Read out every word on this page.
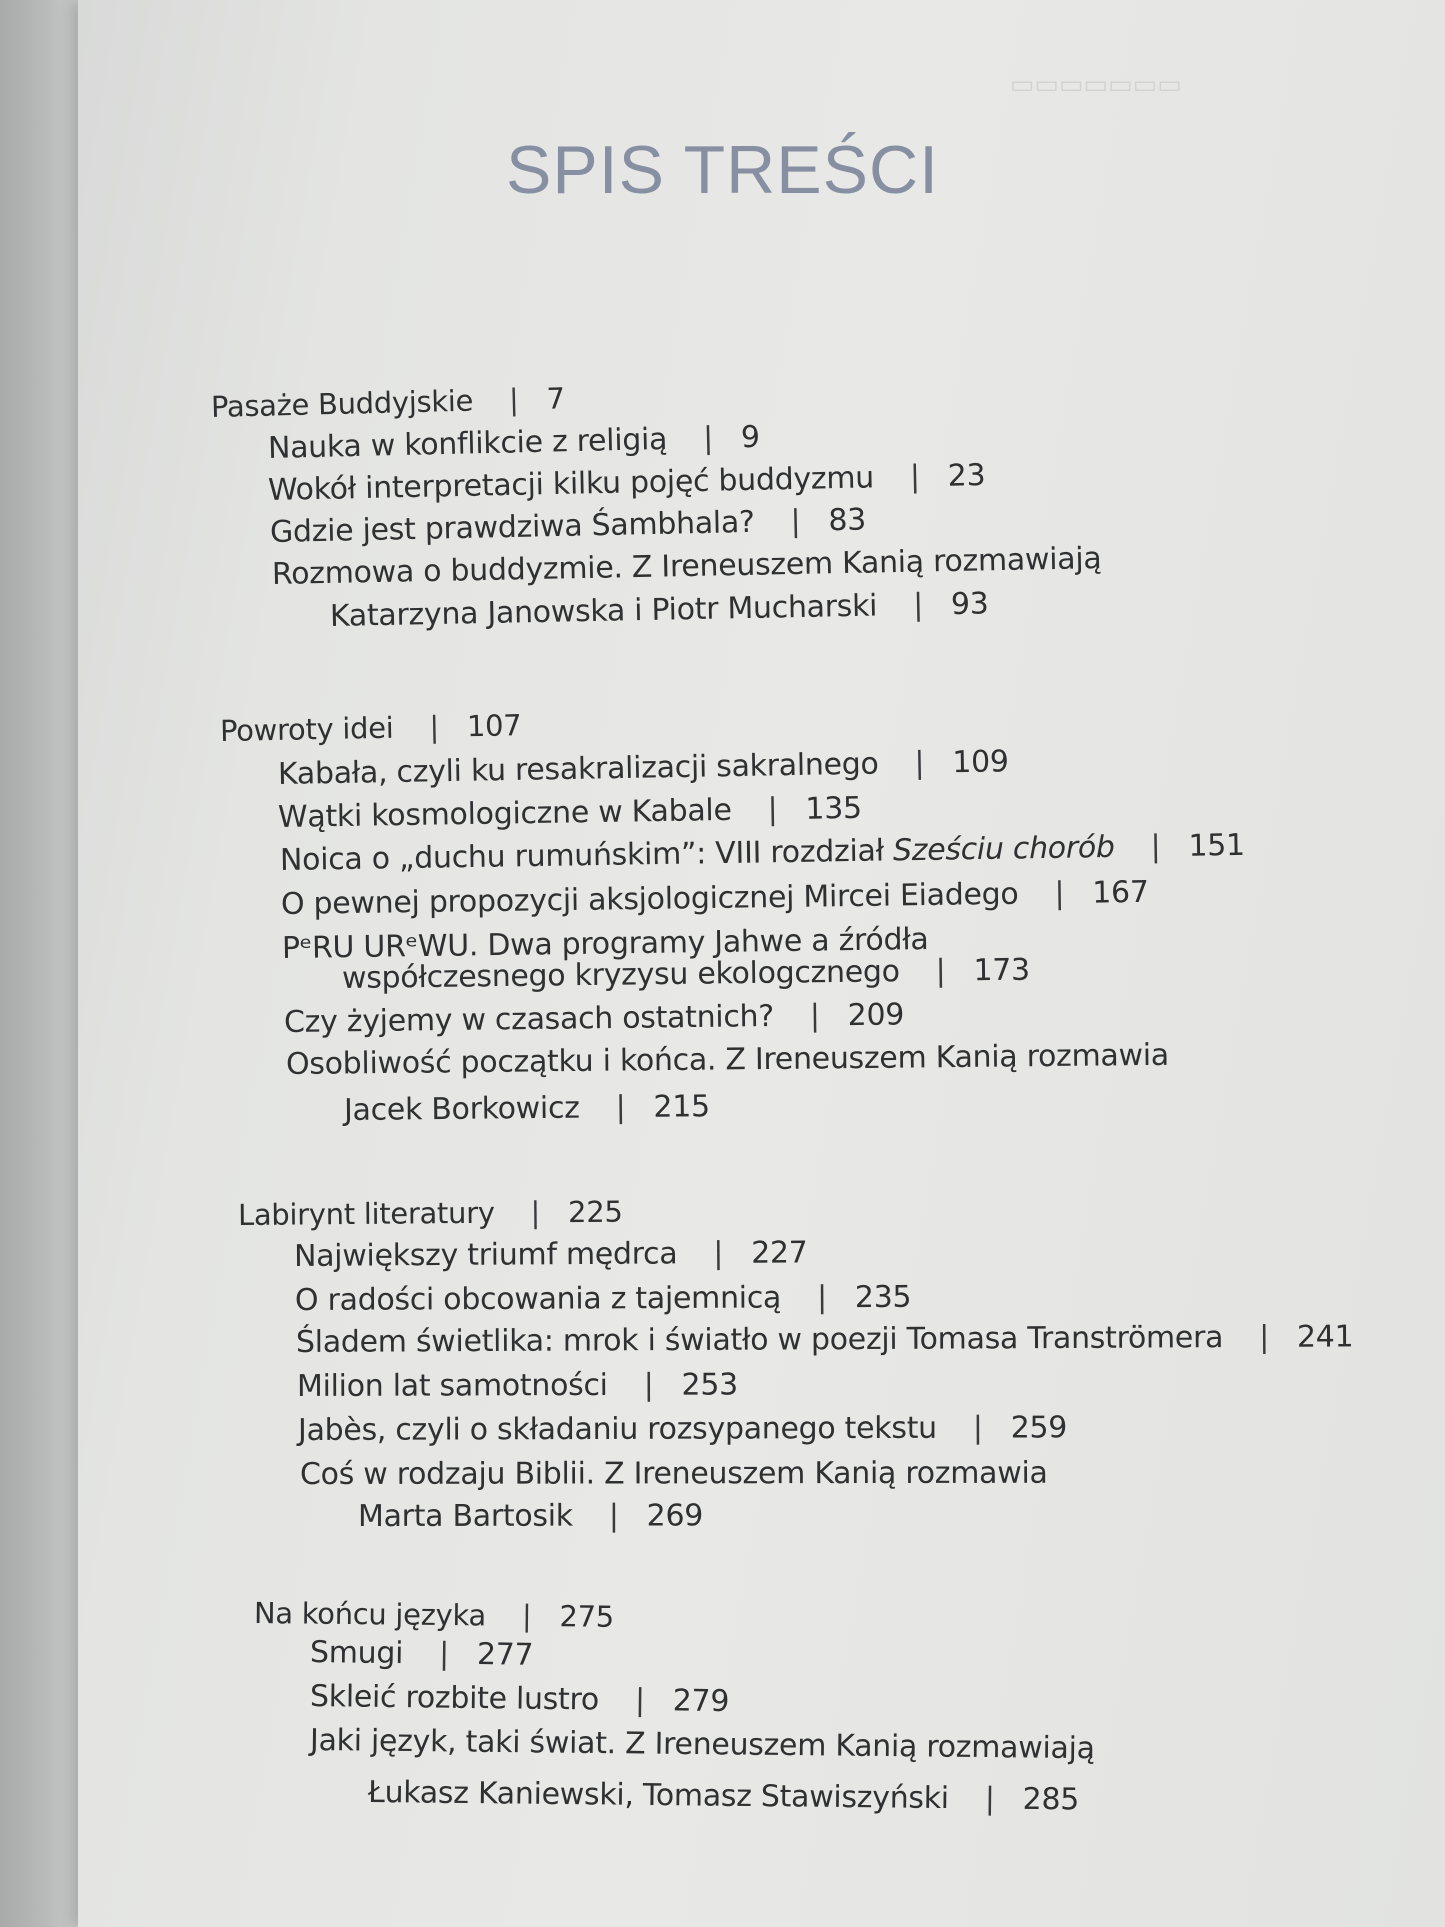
▭▭▭▭▭▭▭
SPIS TREŚCI
Pasaże Buddyjskie | 7
Nauka w konflikcie z religią | 9
Wokół interpretacji kilku pojęć buddyzmu | 23
Gdzie jest prawdziwa Śambhala? | 83
Rozmowa o buddyzmie. Z Ireneuszem Kanią rozmawiają
Katarzyna Janowska i Piotr Mucharski | 93
Powroty idei | 107
Kabała, czyli ku resakralizacji sakralnego | 109
Wątki kosmologiczne w Kabale | 135
Noica o „duchu rumuńskim”: VIII rozdział Sześciu chorób | 151
O pewnej propozycji aksjologicznej Mircei Eiadego | 167
PᵉRU URᵉWU. Dwa programy Jahwe a źródła
współczesnego kryzysu ekologcznego | 173
Czy żyjemy w czasach ostatnich? | 209
Osobliwość początku i końca. Z Ireneuszem Kanią rozmawia
Jacek Borkowicz | 215
Labirynt literatury | 225
Największy triumf mędrca | 227
O radości obcowania z tajemnicą | 235
Śladem świetlika: mrok i światło w poezji Tomasa Tranströmera | 241
Milion lat samotności | 253
Jabès, czyli o składaniu rozsypanego tekstu | 259
Coś w rodzaju Biblii. Z Ireneuszem Kanią rozmawia
Marta Bartosik | 269
Na końcu języka | 275
Smugi | 277
Skleić rozbite lustro | 279
Jaki język, taki świat. Z Ireneuszem Kanią rozmawiają
Łukasz Kaniewski, Tomasz Stawiszyński | 285
